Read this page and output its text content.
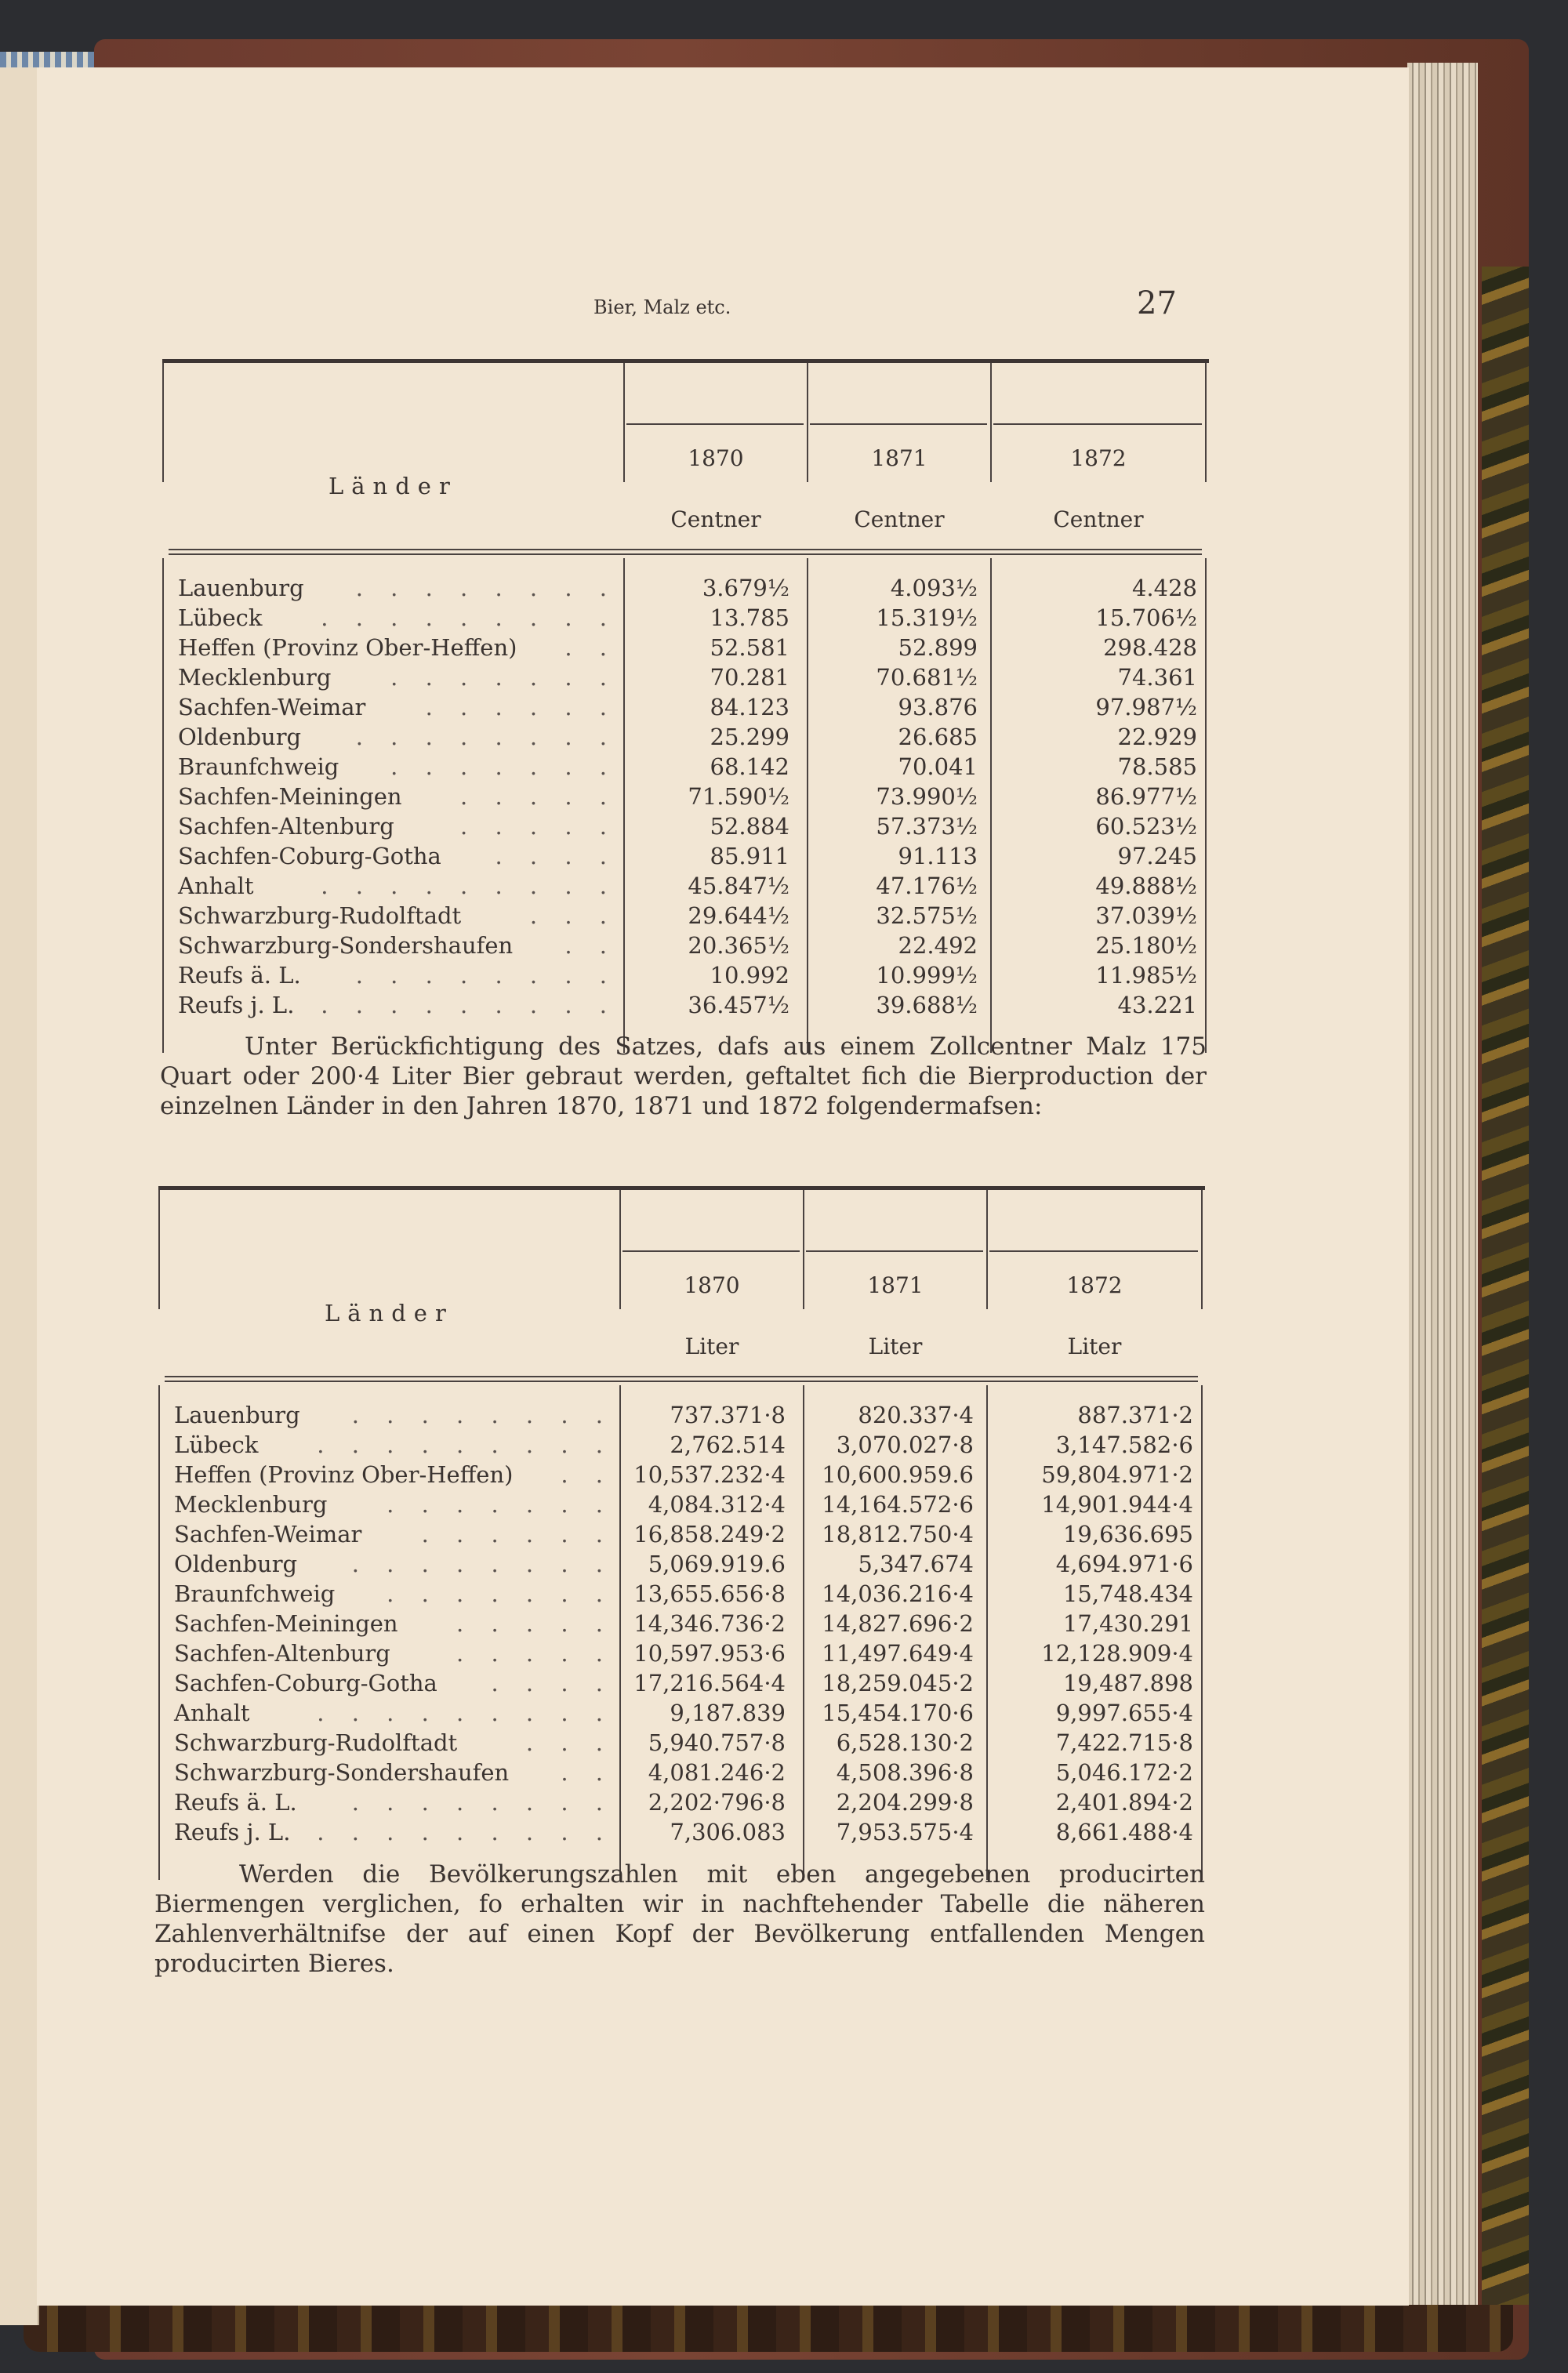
Bier, Malz etc.	27
Länder
1870	1871	1872
Centner	Centner	Centner
Lauenburg . . . . . . . .	3.679½	4.093½	4.428
Lübeck	. . . . . . . . .	13.785	15.319½	15.706½
Heffen (Provinz Ober-Heffen) . .	52.581	52.899	298.428
Mecklenburg	. . . . . . .	70.281	70.681½	74.361
Sachfen-Weimar	. . . . . .	84.123	93.876	97.987½
Oldenburg . . . . . . . .	25.299	26.685	22.929
Braunfchweig . . . . . . .	68.142	70.041	78.585
Sachfen-Meiningen	. . . . .	71.590½	73.990½	86.977½
Sachfen-Altenburg	. . . . .	52.884	57.373½	60.523½
Sachfen-Coburg-Gotha . . . .	85.911	91.113	97.245
Anhalt	. . . . . . . . .	45.847½	47.176½	49.888½
Schwarzburg-Rudolftadt	. . .	29.644½	32.575½	37.039½
Schwarzburg-Sondershaufen . .	20.365½	22.492	25.180½
Reufs ä. L. . . . . . . . .	10.992	10.999½	11.985½
Reufs j. L. . . . . . . . . .	36.457½	39.688½	43.221
Länder
1870	1871	1872
Liter	Liter	Liter
Lauenburg . . . . . . . .	737.371·8	820.337·4	887.371·2
Lübeck	. . . . . . . . .	2,762.514	3,070.027·8	3,147.582·6
Heffen (Provinz Ober-Heffen) . . 10,537.232·4	10,600.959.6	59,804.971·2
Mecklenburg	. . . . . . .	4,084.312·4	14,164.572·6	14,901.944·4
Sachfen-Weimar	. . . . . . 16,858.249·2	18,812.750·4	19,636.695
Oldenburg . . . . . . . .	5,069.919.6	5,347.674	4,694.971·6
Braunfchweig . . . . . . . 13,655.656·8	14,036.216·4	15,748.434
Sachfen-Meiningen	. . . . . 14,346.736·2	14,827.696·2	17,430.291
Sachfen-Altenburg	. . . . . 10,597.953·6	11,497.649·4	12,128.909·4
Sachfen-Coburg-Gotha . . . . 17,216.564·4	18,259.045·2	19,487.898
Anhalt	. . . . . . . . .	9,187.839	15,454.170·6	9,997.655·4
Schwarzburg-Rudolftadt	. . .	5,940.757·8	6,528.130·2	7,422.715·8
Schwarzburg-Sondershaufen . .	4,081.246·2	4,508.396·8	5,046.172·2
Reufs ä. L. . . . . . . . .	2,202·796·8	2,204.299·8	2,401.894·2
Reufs j. L. . . . . . . . . .	7,306.083	7,953.575·4	8,661.488·4
Unter Berückfichtigung des Satzes, dafs aus einem Zollcentner Malz 175 Quart oder 200·4 Liter Bier gebraut werden, geftaltet fich die Bierproduction der einzelnen Länder in den Jahren 1870, 1871 und 1872 folgendermafsen:
Werden die Bevölkerungszahlen mit eben angegebenen producirten Biermengen verglichen, fo erhalten wir in nachftehender Tabelle die näheren Zahlenverhältnifse der auf einen Kopf der Bevölkerung entfallenden Mengen producirten Bieres.
